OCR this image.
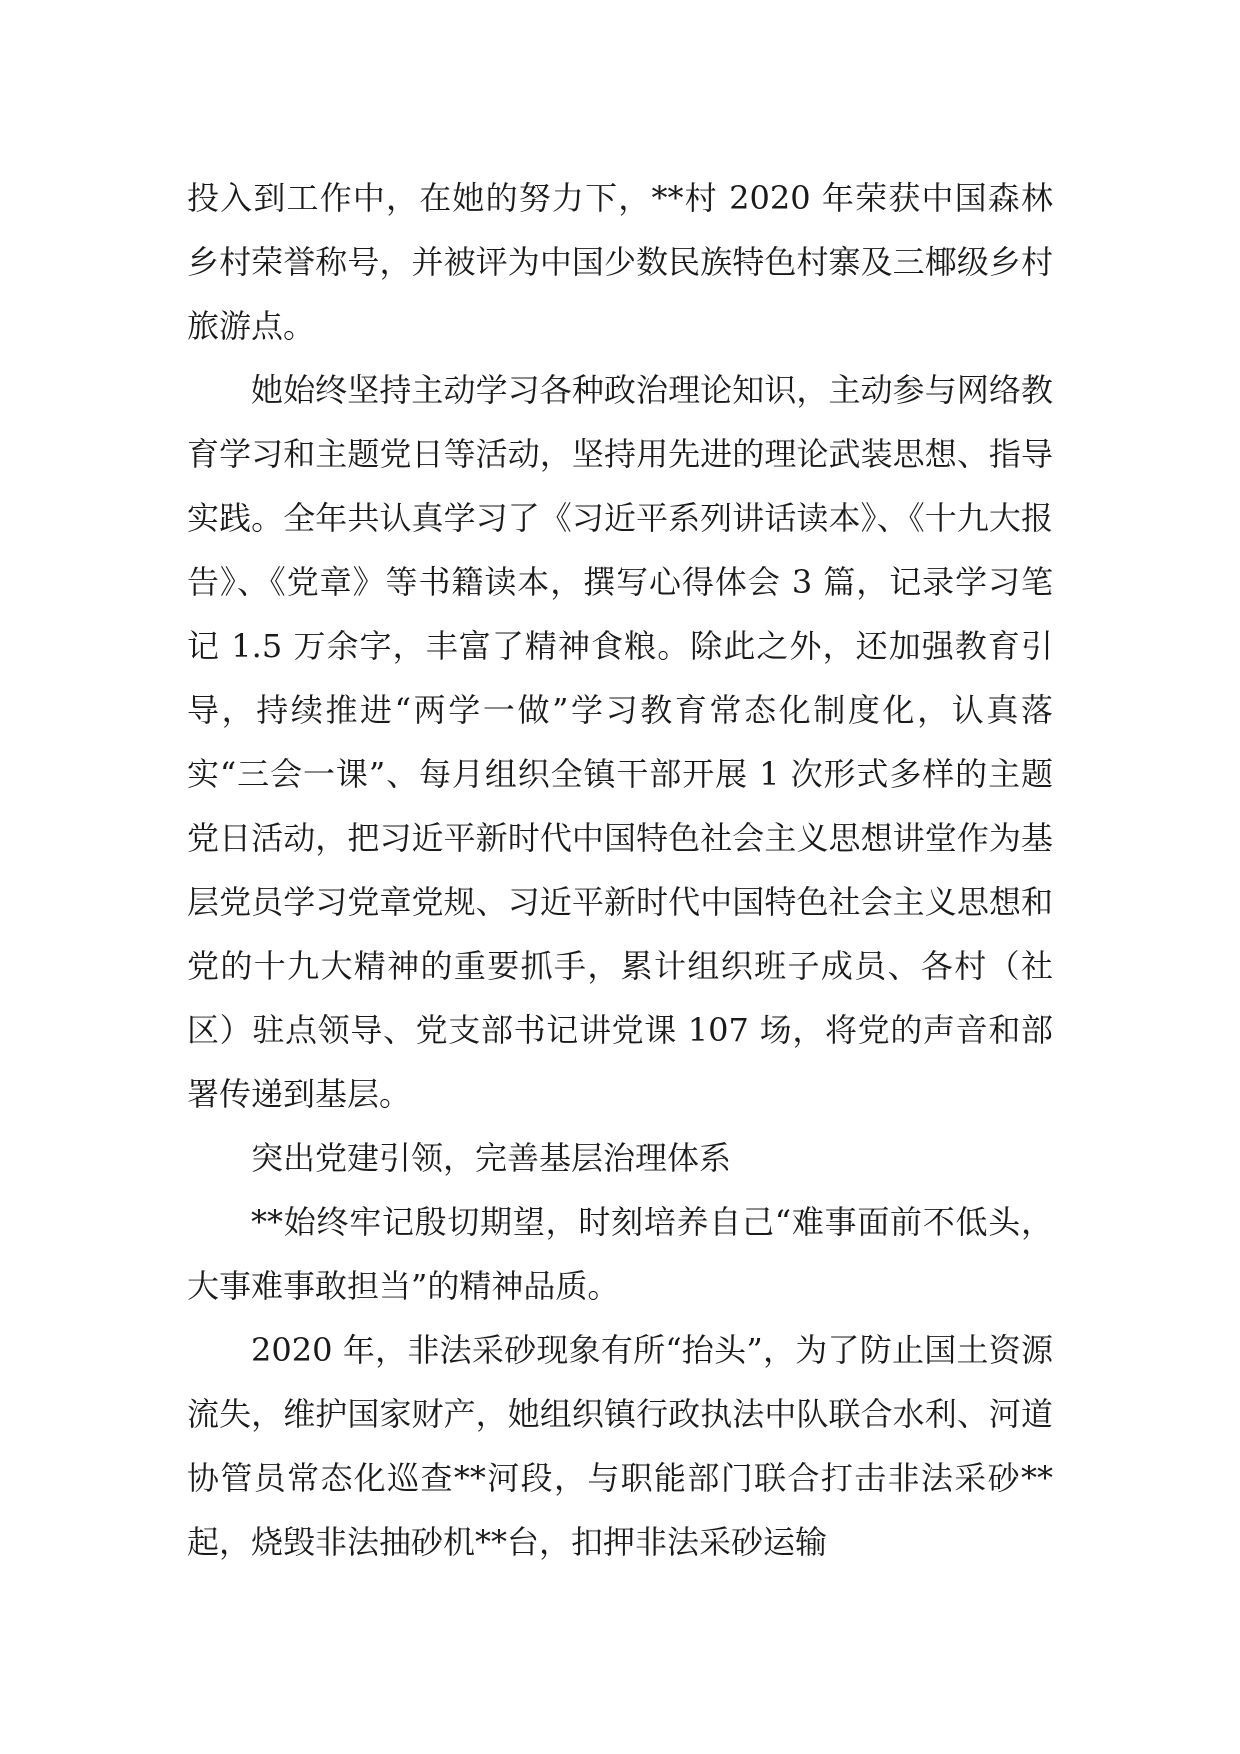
投入到工作中，在她的努力下，**村 2020 年荣获中国森林乡村荣誉称号，并被评为中国少数民族特色村寨及三椰级乡村旅游点。

她始终坚持主动学习各种政治理论知识，主动参与网络教育学习和主题党日等活动，坚持用先进的理论武装思想、指导实践。全年共认真学习了《习近平系列讲话读本》、《十九大报告》、《党章》等书籍读本，撰写心得体会 3 篇，记录学习笔记 1.5 万余字，丰富了精神食粮。除此之外，还加强教育引导，持续推进“两学一做”学习教育常态化制度化，认真落实“三会一课”、每月组织全镇干部开展 1 次形式多样的主题党日活动，把习近平新时代中国特色社会主义思想讲堂作为基层党员学习党章党规、习近平新时代中国特色社会主义思想和党的十九大精神的重要抓手，累计组织班子成员、各村（社区）驻点领导、党支部书记讲党课 107 场，将党的声音和部署传递到基层。

突出党建引领，完善基层治理体系

**始终牢记殷切期望，时刻培养自己“难事面前不低头，大事难事敢担当”的精神品质。

2020 年，非法采砂现象有所“抬头”，为了防止国土资源流失，维护国家财产，她组织镇行政执法中队联合水利、河道协管员常态化巡查**河段，与职能部门联合打击非法采砂**起，烧毁非法抽砂机**台，扣押非法采砂运输
